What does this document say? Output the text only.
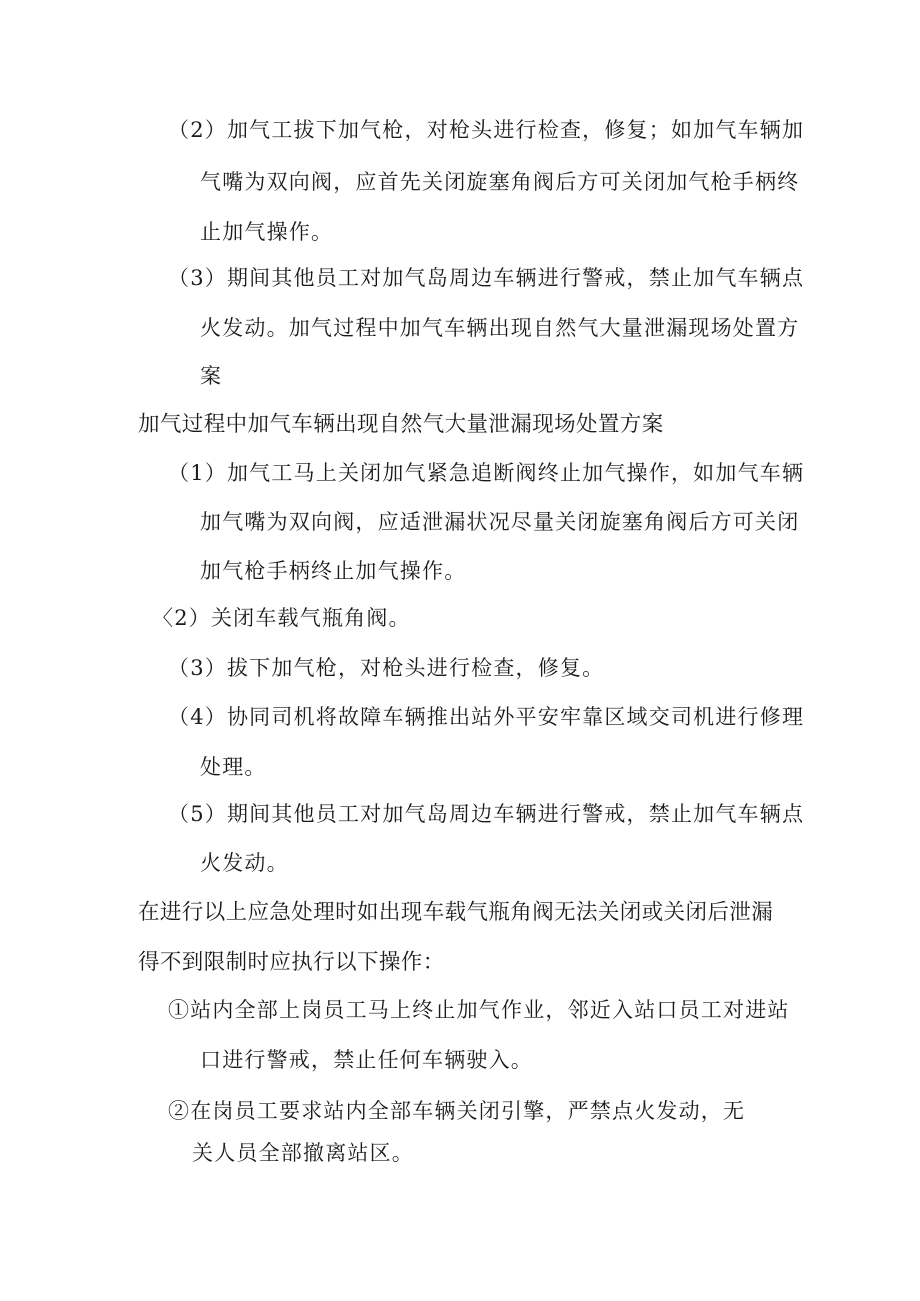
（2）加气工拔下加气枪，对枪头进行检查，修复；如加气车辆加
气嘴为双向阀，应首先关闭旋塞角阀后方可关闭加气枪手柄终
止加气操作。
（3）期间其他员工对加气岛周边车辆进行警戒，禁止加气车辆点
火发动。加气过程中加气车辆出现自然气大量泄漏现场处置方
案
加气过程中加气车辆出现自然气大量泄漏现场处置方案
（1）加气工马上关闭加气紧急追断阀终止加气操作，如加气车辆
加气嘴为双向阀，应适泄漏状况尽量关闭旋塞角阀后方可关闭
加气枪手柄终止加气操作。
〈2）关闭车载气瓶角阀。
（3）拔下加气枪，对枪头进行检查，修复。
（4）协同司机将故障车辆推出站外平安牢靠区域交司机进行修理
处理。
（5）期间其他员工对加气岛周边车辆进行警戒，禁止加气车辆点
火发动。
在进行以上应急处理时如出现车载气瓶角阀无法关闭或关闭后泄漏
得不到限制时应执行以下操作：
①站内全部上岗员工马上终止加气作业，邻近入站口员工对进站
口进行警戒，禁止任何车辆驶入。
②在岗员工要求站内全部车辆关闭引擎，严禁点火发动，无
关人员全部撤离站区。
